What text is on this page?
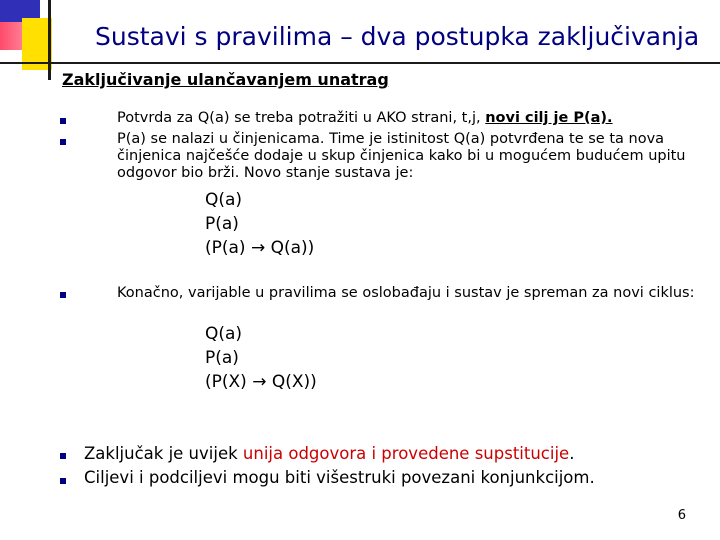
Sustavi s pravilima – dva postupka zaključivanja
Zaključivanje ulančavanjem unatrag
Potvrda za Q(a) se treba potražiti u AKO strani, t,j, novi cilj je P(a).
P(a) se nalazi u činjenicama. Time je istinitost Q(a) potvrđena te se ta nova činjenica najčešće dodaje u skup činjenica kako bi u mogućem budućem upitu odgovor bio brži. Novo stanje sustava je:
Q(a)
P(a)
(P(a) → Q(a))
Konačno, varijable u pravilima se oslobađaju i sustav je spreman za novi ciklus:
Q(a)
P(a)
(P(X) → Q(X))
Zaključak je uvijek unija odgovora i provedene supstitucije.
Ciljevi i podciljevi mogu biti višestruki povezani konjunkcijom.
6
